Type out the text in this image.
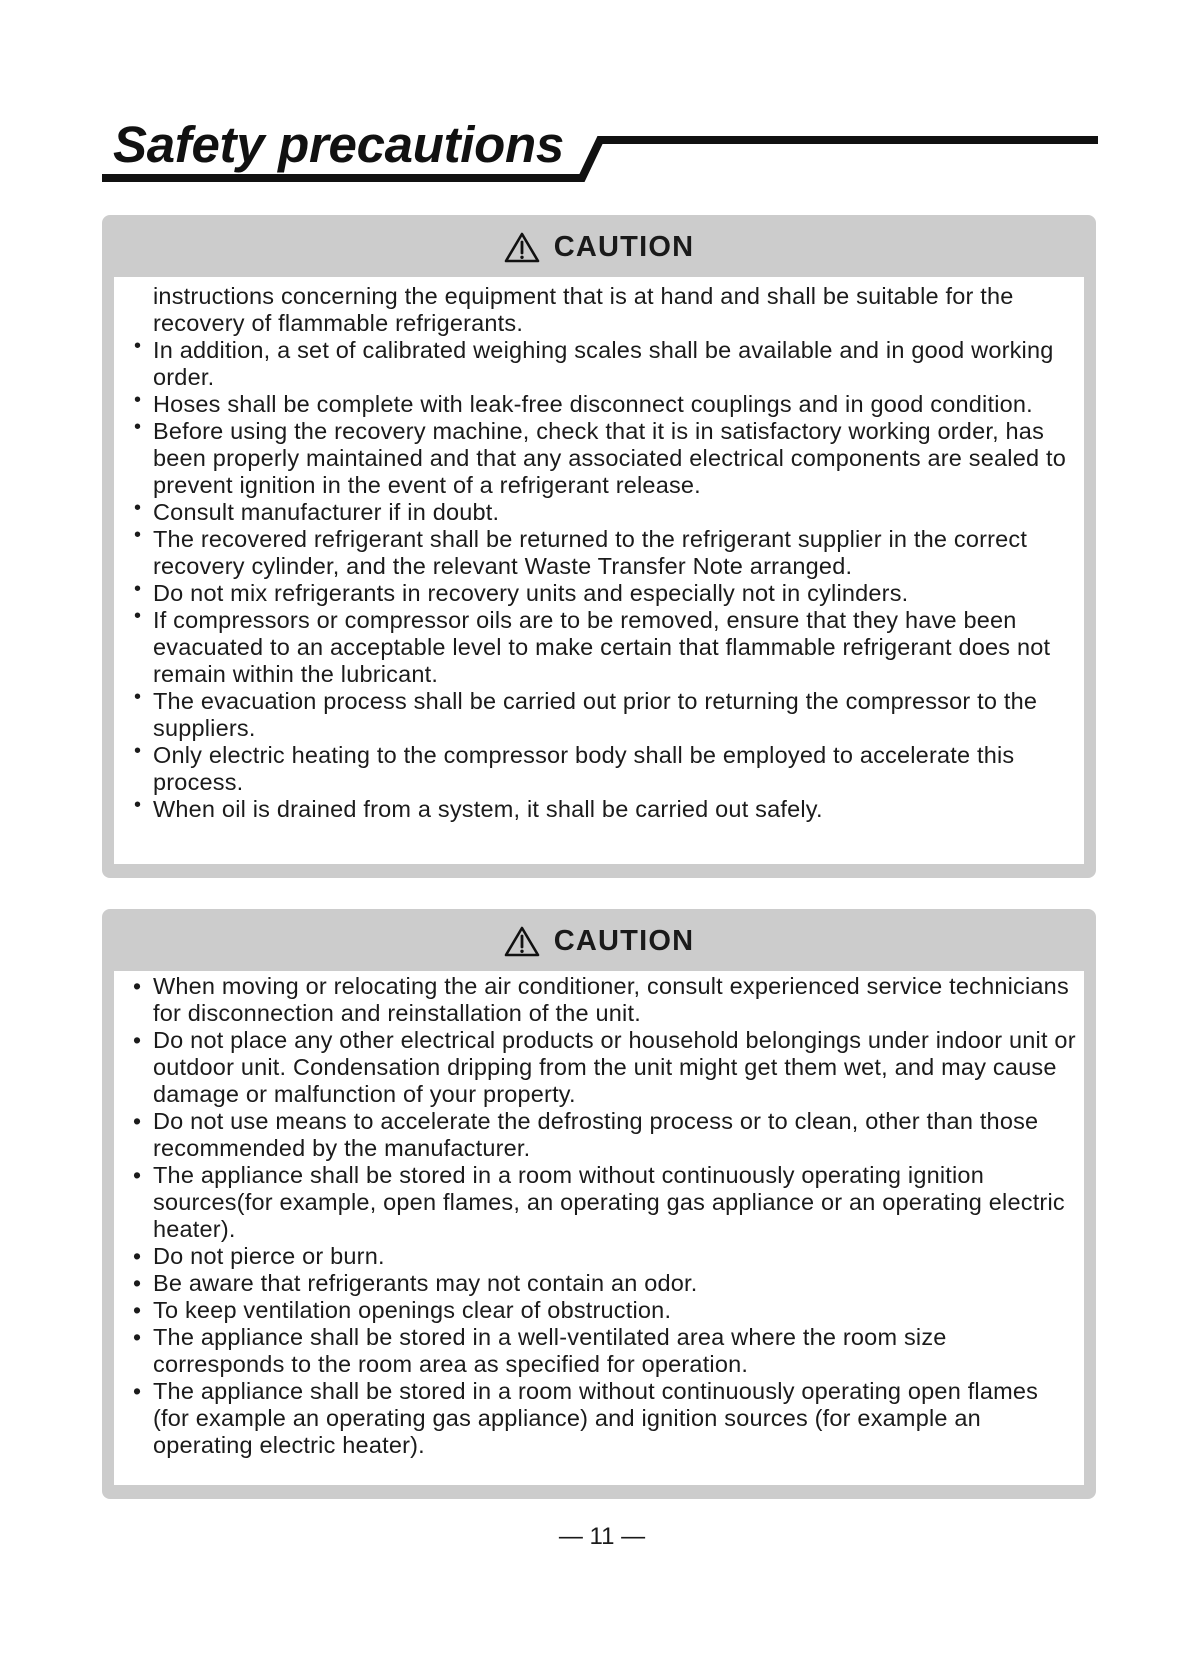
Safety precautions
CAUTION
instructions concerning the equipment that is at hand and shall be suitable for the recovery of flammable refrigerants.
• In addition, a set of calibrated weighing scales shall be available and in good working order.
• Hoses shall be complete with leak-free disconnect couplings and in good condition.
• Before using the recovery machine, check that it is in satisfactory working order, has been properly maintained and that any associated electrical components are sealed to prevent ignition in the event of a refrigerant release.
• Consult manufacturer if in doubt.
• The recovered refrigerant shall be returned to the refrigerant supplier in the correct recovery cylinder, and the relevant Waste Transfer Note arranged.
• Do not mix refrigerants in recovery units and especially not in cylinders.
• If compressors or compressor oils are to be removed, ensure that they have been evacuated to an acceptable level to make certain that flammable refrigerant does not remain within the lubricant.
• The evacuation process shall be carried out prior to returning the compressor to the suppliers.
• Only electric heating to the compressor body shall be employed to accelerate this process.
• When oil is drained from a system, it shall be carried out safely.
CAUTION
• When moving or relocating the air conditioner, consult experienced service technicians for disconnection and reinstallation of the unit.
• Do not place any other electrical products or household belongings under indoor unit or outdoor unit. Condensation dripping from the unit might get them wet, and may cause damage or malfunction of your property.
• Do not use means to accelerate the defrosting process or to clean, other than those recommended by the manufacturer.
• The appliance shall be stored in a room without continuously operating ignition sources(for example, open flames, an operating gas appliance or an operating electric heater).
• Do not pierce or burn.
• Be aware that refrigerants may not contain an odor.
• To keep ventilation openings clear of obstruction.
• The appliance shall be stored in a well-ventilated area where the room size corresponds to the room area as specified for operation.
• The appliance shall be stored in a room without continuously operating open flames (for example an operating gas appliance) and ignition sources (for example an operating electric heater).
— 11 —
